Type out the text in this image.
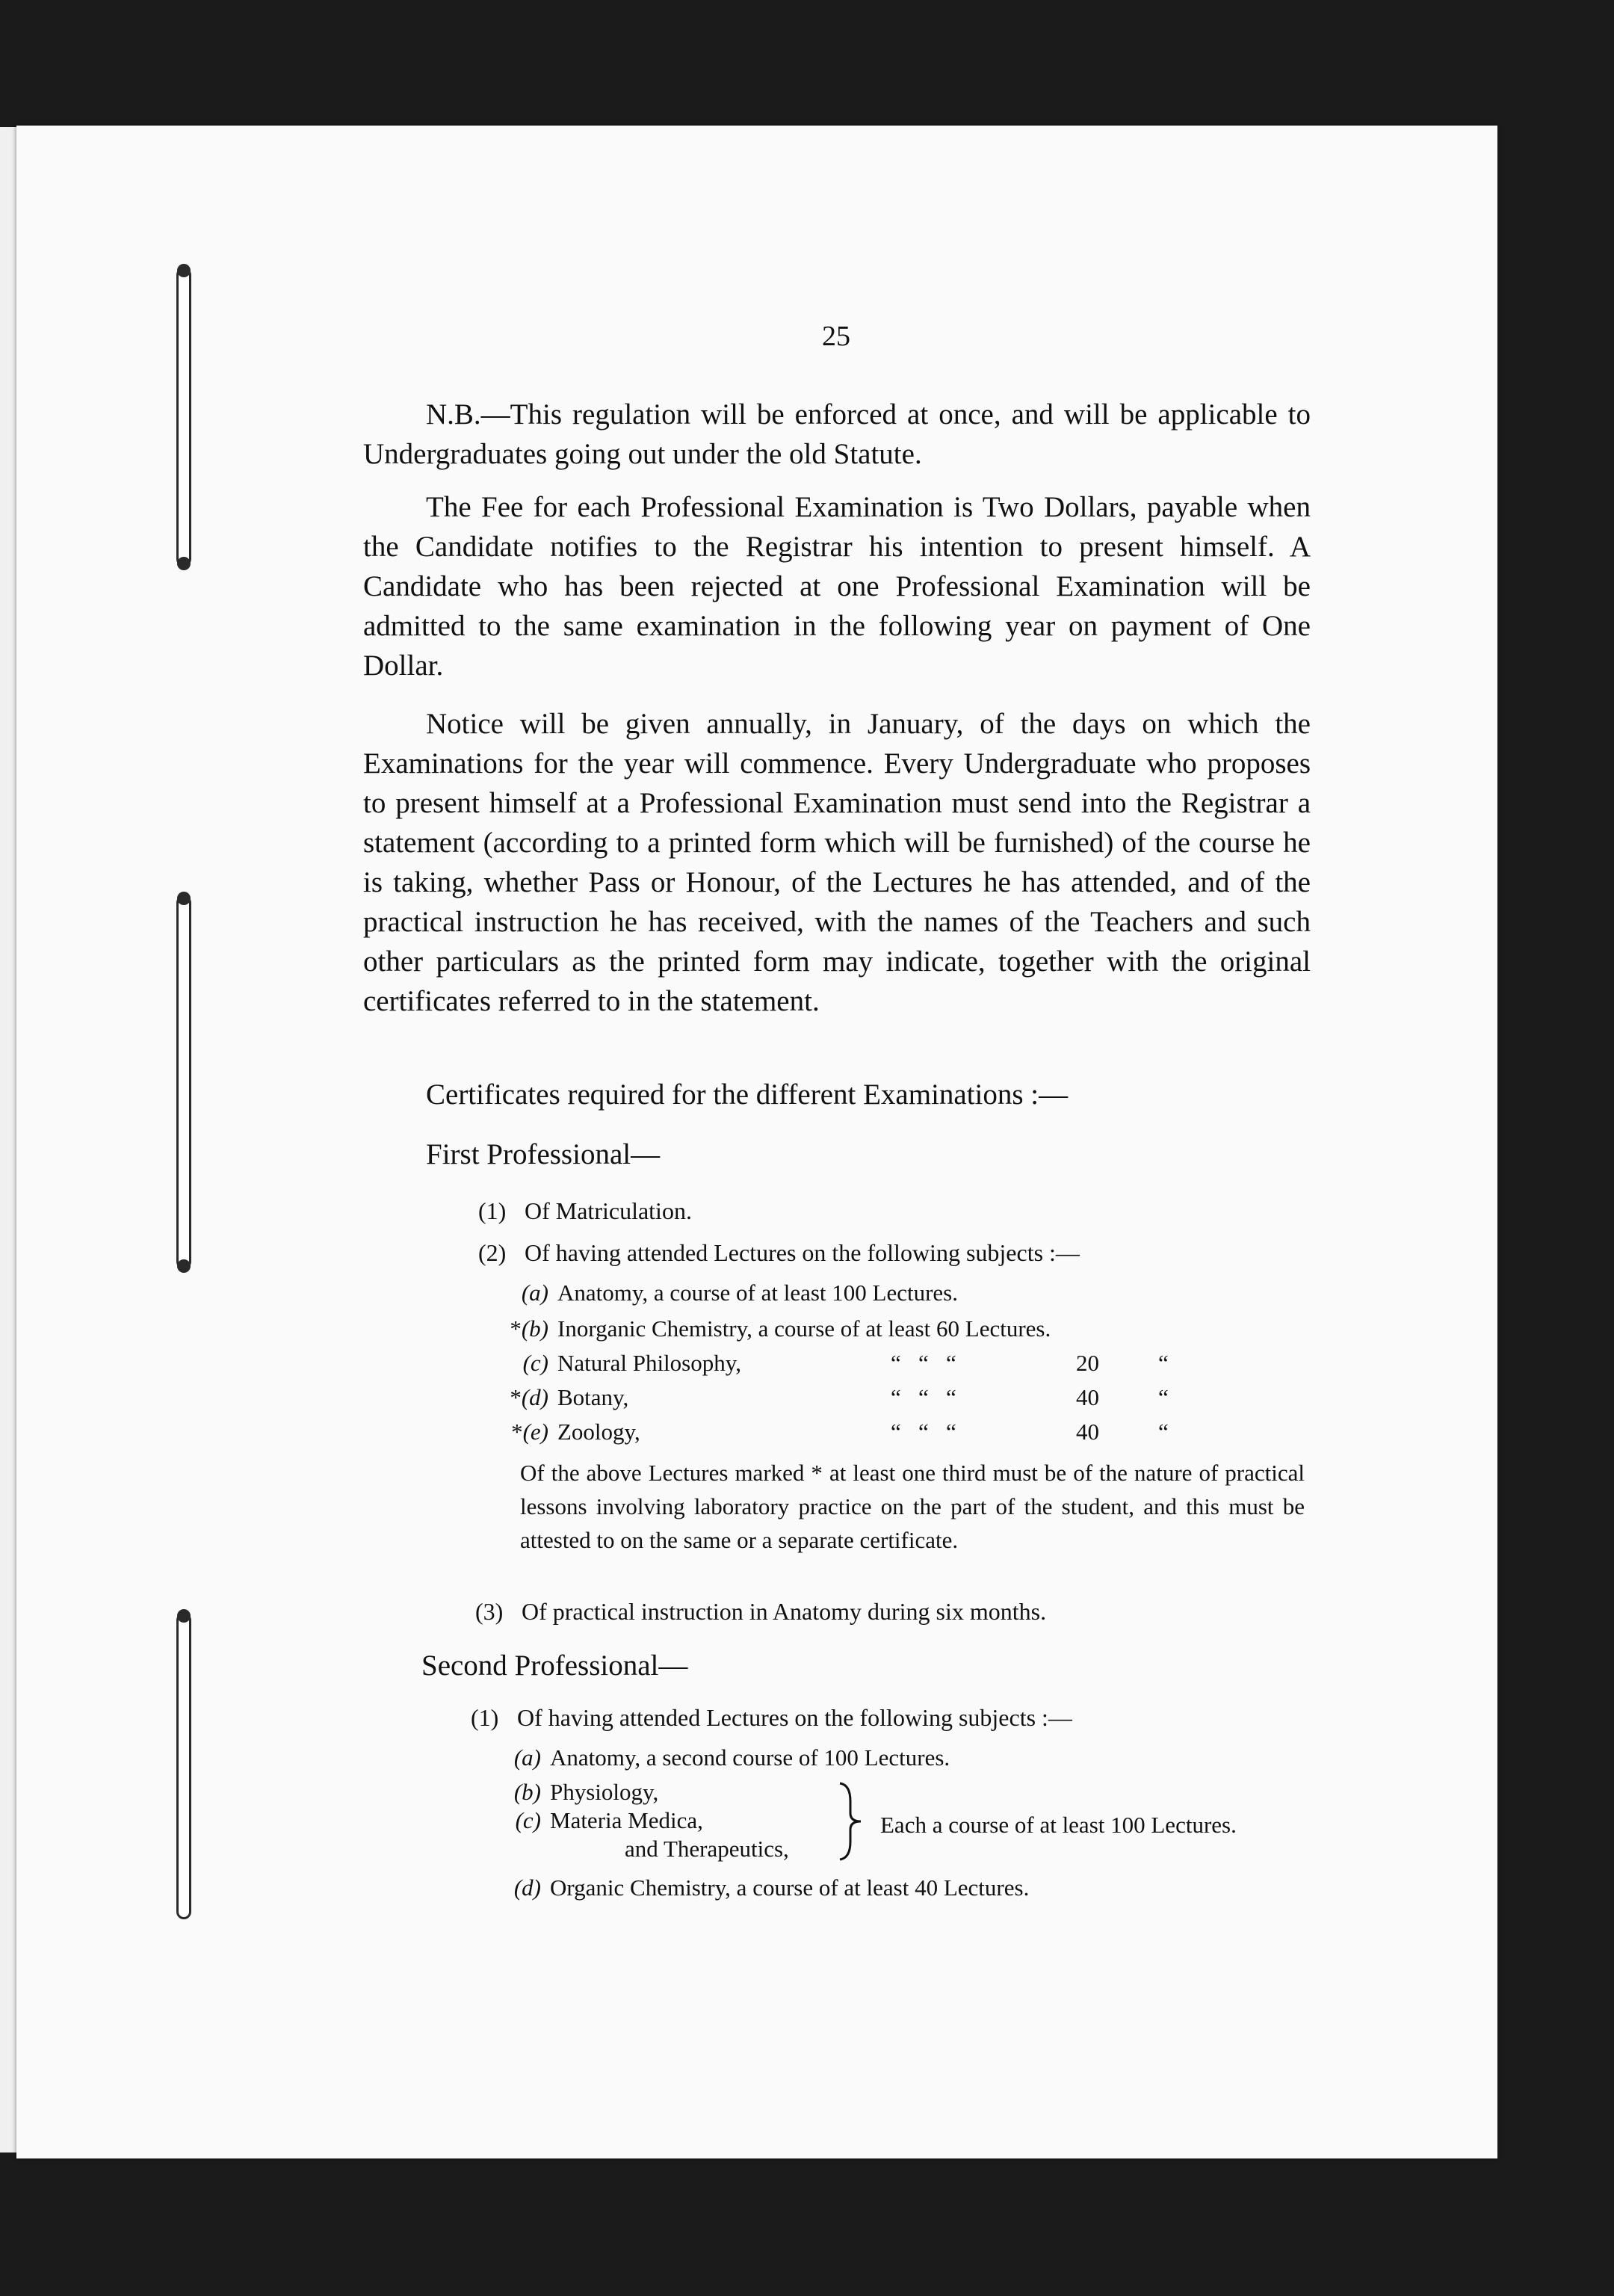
25

N.B.—This regulation will be enforced at once, and will be applicable to Undergraduates going out under the old Statute.

The Fee for each Professional Examination is Two Dollars, payable when the Candidate notifies to the Registrar his intention to present himself. A Candidate who has been rejected at one Professional Examination will be admitted to the same examination in the following year on payment of One Dollar.

Notice will be given annually, in January, of the days on which the Examinations for the year will commence. Every Undergraduate who proposes to present himself at a Professional Examination must send into the Registrar a statement (according to a printed form which will be furnished) of the course he is taking, whether Pass or Honour, of the Lectures he has attended, and of the practical instruction he has received, with the names of the Teachers and such other particulars as the printed form may indicate, together with the original certificates referred to in the statement.

Certificates required for the different Examinations :—
First Professional—
(1) Of Matriculation.
(2) Of having attended Lectures on the following subjects :—
(a) Anatomy, a course of at least 100 Lectures.
*(b) Inorganic Chemistry, a course of at least 60 Lectures.
(c) Natural Philosophy,	“   “   “	20	“
*(d) Botany,	“   “   “	40	“
*(e) Zoology,	“   “   “	40	“

Of the above Lectures marked * at least one third must be of the nature of practical lessons involving laboratory practice on the part of the student, and this must be attested to on the same or a separate certificate.

(3) Of practical instruction in Anatomy during six months.
Second Professional—
(1) Of having attended Lectures on the following subjects :—
(a) Anatomy, a second course of 100 Lectures.
(b) Physiology,
(c) Materia Medica,
and Therapeutics,
Each a course of at least 100 Lectures.
(d) Organic Chemistry, a course of at least 40 Lectures.
